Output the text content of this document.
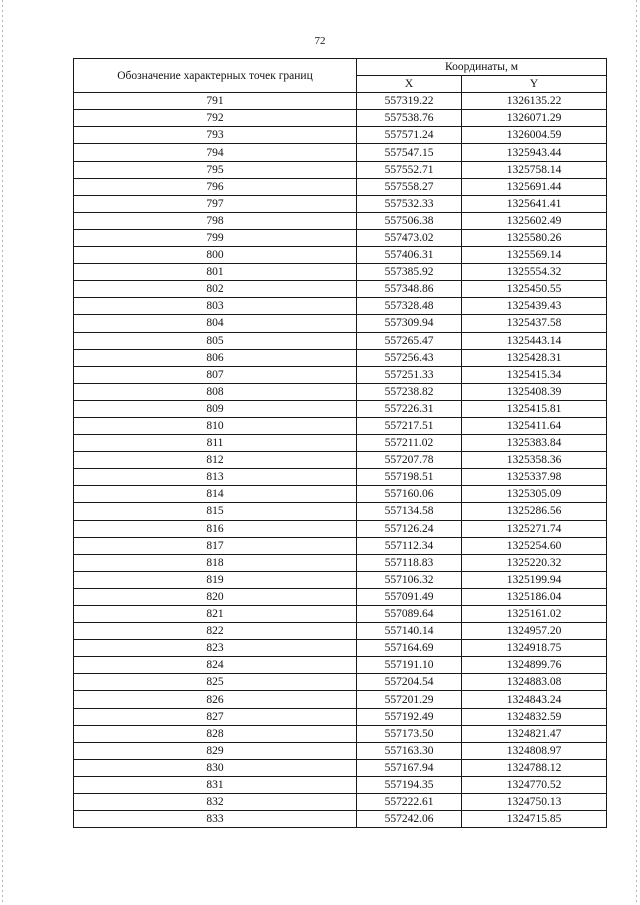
72
Обозначение характерных точек границ	Координаты, м	
	X	Y
791	557319.22	1326135.22
792	557538.76	1326071.29
793	557571.24	1326004.59
794	557547.15	1325943.44
795	557552.71	1325758.14
796	557558.27	1325691.44
797	557532.33	1325641.41
798	557506.38	1325602.49
799	557473.02	1325580.26
800	557406.31	1325569.14
801	557385.92	1325554.32
802	557348.86	1325450.55
803	557328.48	1325439.43
804	557309.94	1325437.58
805	557265.47	1325443.14
806	557256.43	1325428.31
807	557251.33	1325415.34
808	557238.82	1325408.39
809	557226.31	1325415.81
810	557217.51	1325411.64
811	557211.02	1325383.84
812	557207.78	1325358.36
813	557198.51	1325337.98
814	557160.06	1325305.09
815	557134.58	1325286.56
816	557126.24	1325271.74
817	557112.34	1325254.60
818	557118.83	1325220.32
819	557106.32	1325199.94
820	557091.49	1325186.04
821	557089.64	1325161.02
822	557140.14	1324957.20
823	557164.69	1324918.75
824	557191.10	1324899.76
825	557204.54	1324883.08
826	557201.29	1324843.24
827	557192.49	1324832.59
828	557173.50	1324821.47
829	557163.30	1324808.97
830	557167.94	1324788.12
831	557194.35	1324770.52
832	557222.61	1324750.13
833	557242.06	1324715.85
